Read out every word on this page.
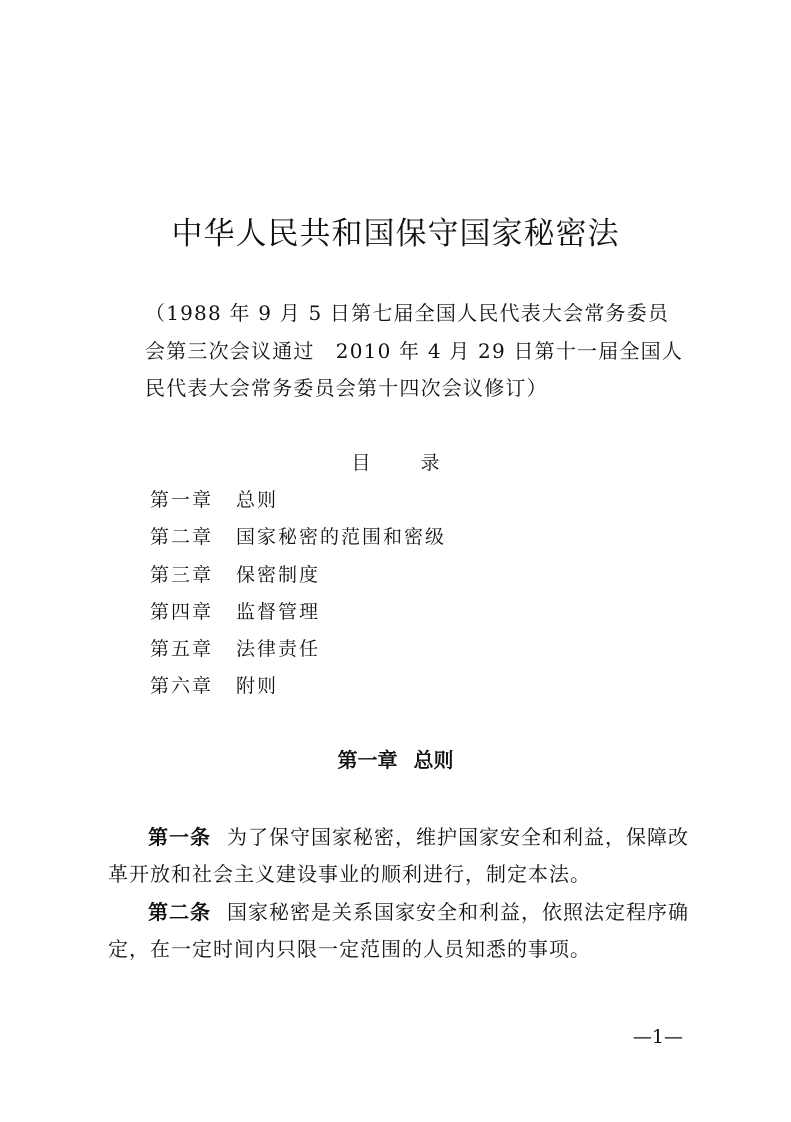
中华人民共和国保守国家秘密法
（1988 年 9 月 5 日第七届全国人民代表大会常务委员
会第三次会议通过　2010 年 4 月 29 日第十一届全国人
民代表大会常务委员会第十四次会议修订）
目	录
第一章 总则
第二章 国家秘密的范围和密级
第三章 保密制度
第四章 监督管理
第五章 法律责任
第六章 附则
第一章 总则
第一条 为了保守国家秘密，维护国家安全和利益，保障改
革开放和社会主义建设事业的顺利进行，制定本法。
第二条 国家秘密是关系国家安全和利益，依照法定程序确
定，在一定时间内只限一定范围的人员知悉的事项。
—1—
